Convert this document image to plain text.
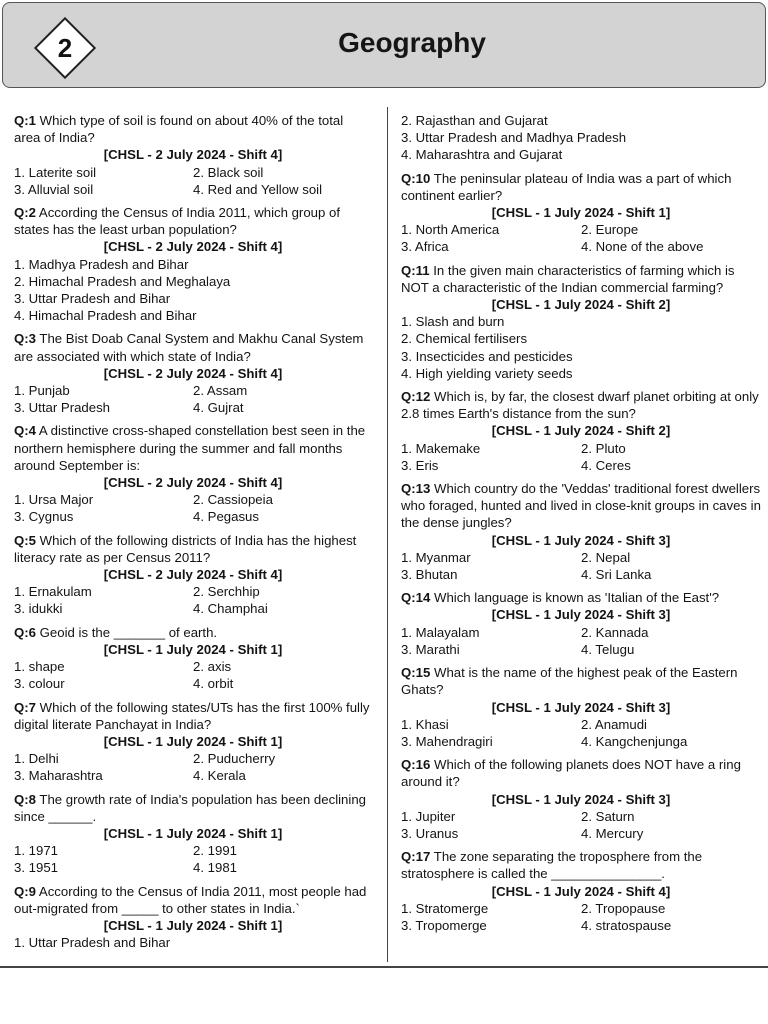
2	Geography
Q:1 Which type of soil is found on about 40% of the total area of India?
[CHSL - 2 July 2024 - Shift 4]
1. Laterite soil	2. Black soil
3. Alluvial soil	4. Red and Yellow soil
Q:2 According the Census of India 2011, which group of states has the least urban population?
[CHSL - 2 July 2024 - Shift 4]
1. Madhya Pradesh and Bihar
2. Himachal Pradesh and Meghalaya
3. Uttar Pradesh and Bihar
4. Himachal Pradesh and Bihar
Q:3 The Bist Doab Canal System and Makhu Canal System are associated with which state of India?
[CHSL - 2 July 2024 - Shift 4]
1. Punjab	2. Assam
3. Uttar Pradesh	4. Gujrat
Q:4 A distinctive cross-shaped constellation best seen in the northern hemisphere during the summer and fall months around September is:
[CHSL - 2 July 2024 - Shift 4]
1. Ursa Major	2. Cassiopeia
3. Cygnus	4. Pegasus
Q:5 Which of the following districts of India has the highest literacy rate as per Census 2011?
[CHSL - 2 July 2024 - Shift 4]
1. Ernakulam	2. Serchhip
3. idukki	4. Champhai
Q:6 Geoid is the _______ of earth.
[CHSL - 1 July 2024 - Shift 1]
1. shape	2. axis
3. colour	4. orbit
Q:7 Which of the following states/UTs has the first 100% fully digital literate Panchayat in India?
[CHSL - 1 July 2024 - Shift 1]
1. Delhi	2. Puducherry
3. Maharashtra	4. Kerala
Q:8 The growth rate of India's population has been declining since ______.
[CHSL - 1 July 2024 - Shift 1]
1. 1971	2. 1991
3. 1951	4. 1981
Q:9 According to the Census of India 2011, most people had out-migrated from _____ to other states in India.`
[CHSL - 1 July 2024 - Shift 1]
1. Uttar Pradesh and Bihar
2. Rajasthan and Gujarat
3. Uttar Pradesh and Madhya Pradesh
4. Maharashtra and Gujarat
Q:10 The peninsular plateau of India was a part of which continent earlier?
[CHSL - 1 July 2024 - Shift 1]
1. North America	2. Europe
3. Africa	4. None of the above
Q:11 In the given main characteristics of farming which is NOT a characteristic of the Indian commercial farming?
[CHSL - 1 July 2024 - Shift 2]
1. Slash and burn
2. Chemical fertilisers
3. Insecticides and pesticides
4. High yielding variety seeds
Q:12 Which is, by far, the closest dwarf planet orbiting at only 2.8 times Earth's distance from the sun?
[CHSL - 1 July 2024 - Shift 2]
1. Makemake	2. Pluto
3. Eris	4. Ceres
Q:13 Which country do the 'Veddas' traditional forest dwellers who foraged, hunted and lived in close-knit groups in caves in the dense jungles?
[CHSL - 1 July 2024 - Shift 3]
1. Myanmar	2. Nepal
3. Bhutan	4. Sri Lanka
Q:14 Which language is known as 'Italian of the East'?
[CHSL - 1 July 2024 - Shift 3]
1. Malayalam	2. Kannada
3. Marathi	4. Telugu
Q:15 What is the name of the highest peak of the Eastern Ghats?
[CHSL - 1 July 2024 - Shift 3]
1. Khasi	2. Anamudi
3. Mahendragiri	4. Kangchenjunga
Q:16 Which of the following planets does NOT have a ring around it?
[CHSL - 1 July 2024 - Shift 3]
1. Jupiter	2. Saturn
3. Uranus	4. Mercury
Q:17 The zone separating the troposphere from the stratosphere is called the _______________.
[CHSL - 1 July 2024 - Shift 4]
1. Stratomerge	2. Tropopause
3. Tropomerge	4. stratospause
